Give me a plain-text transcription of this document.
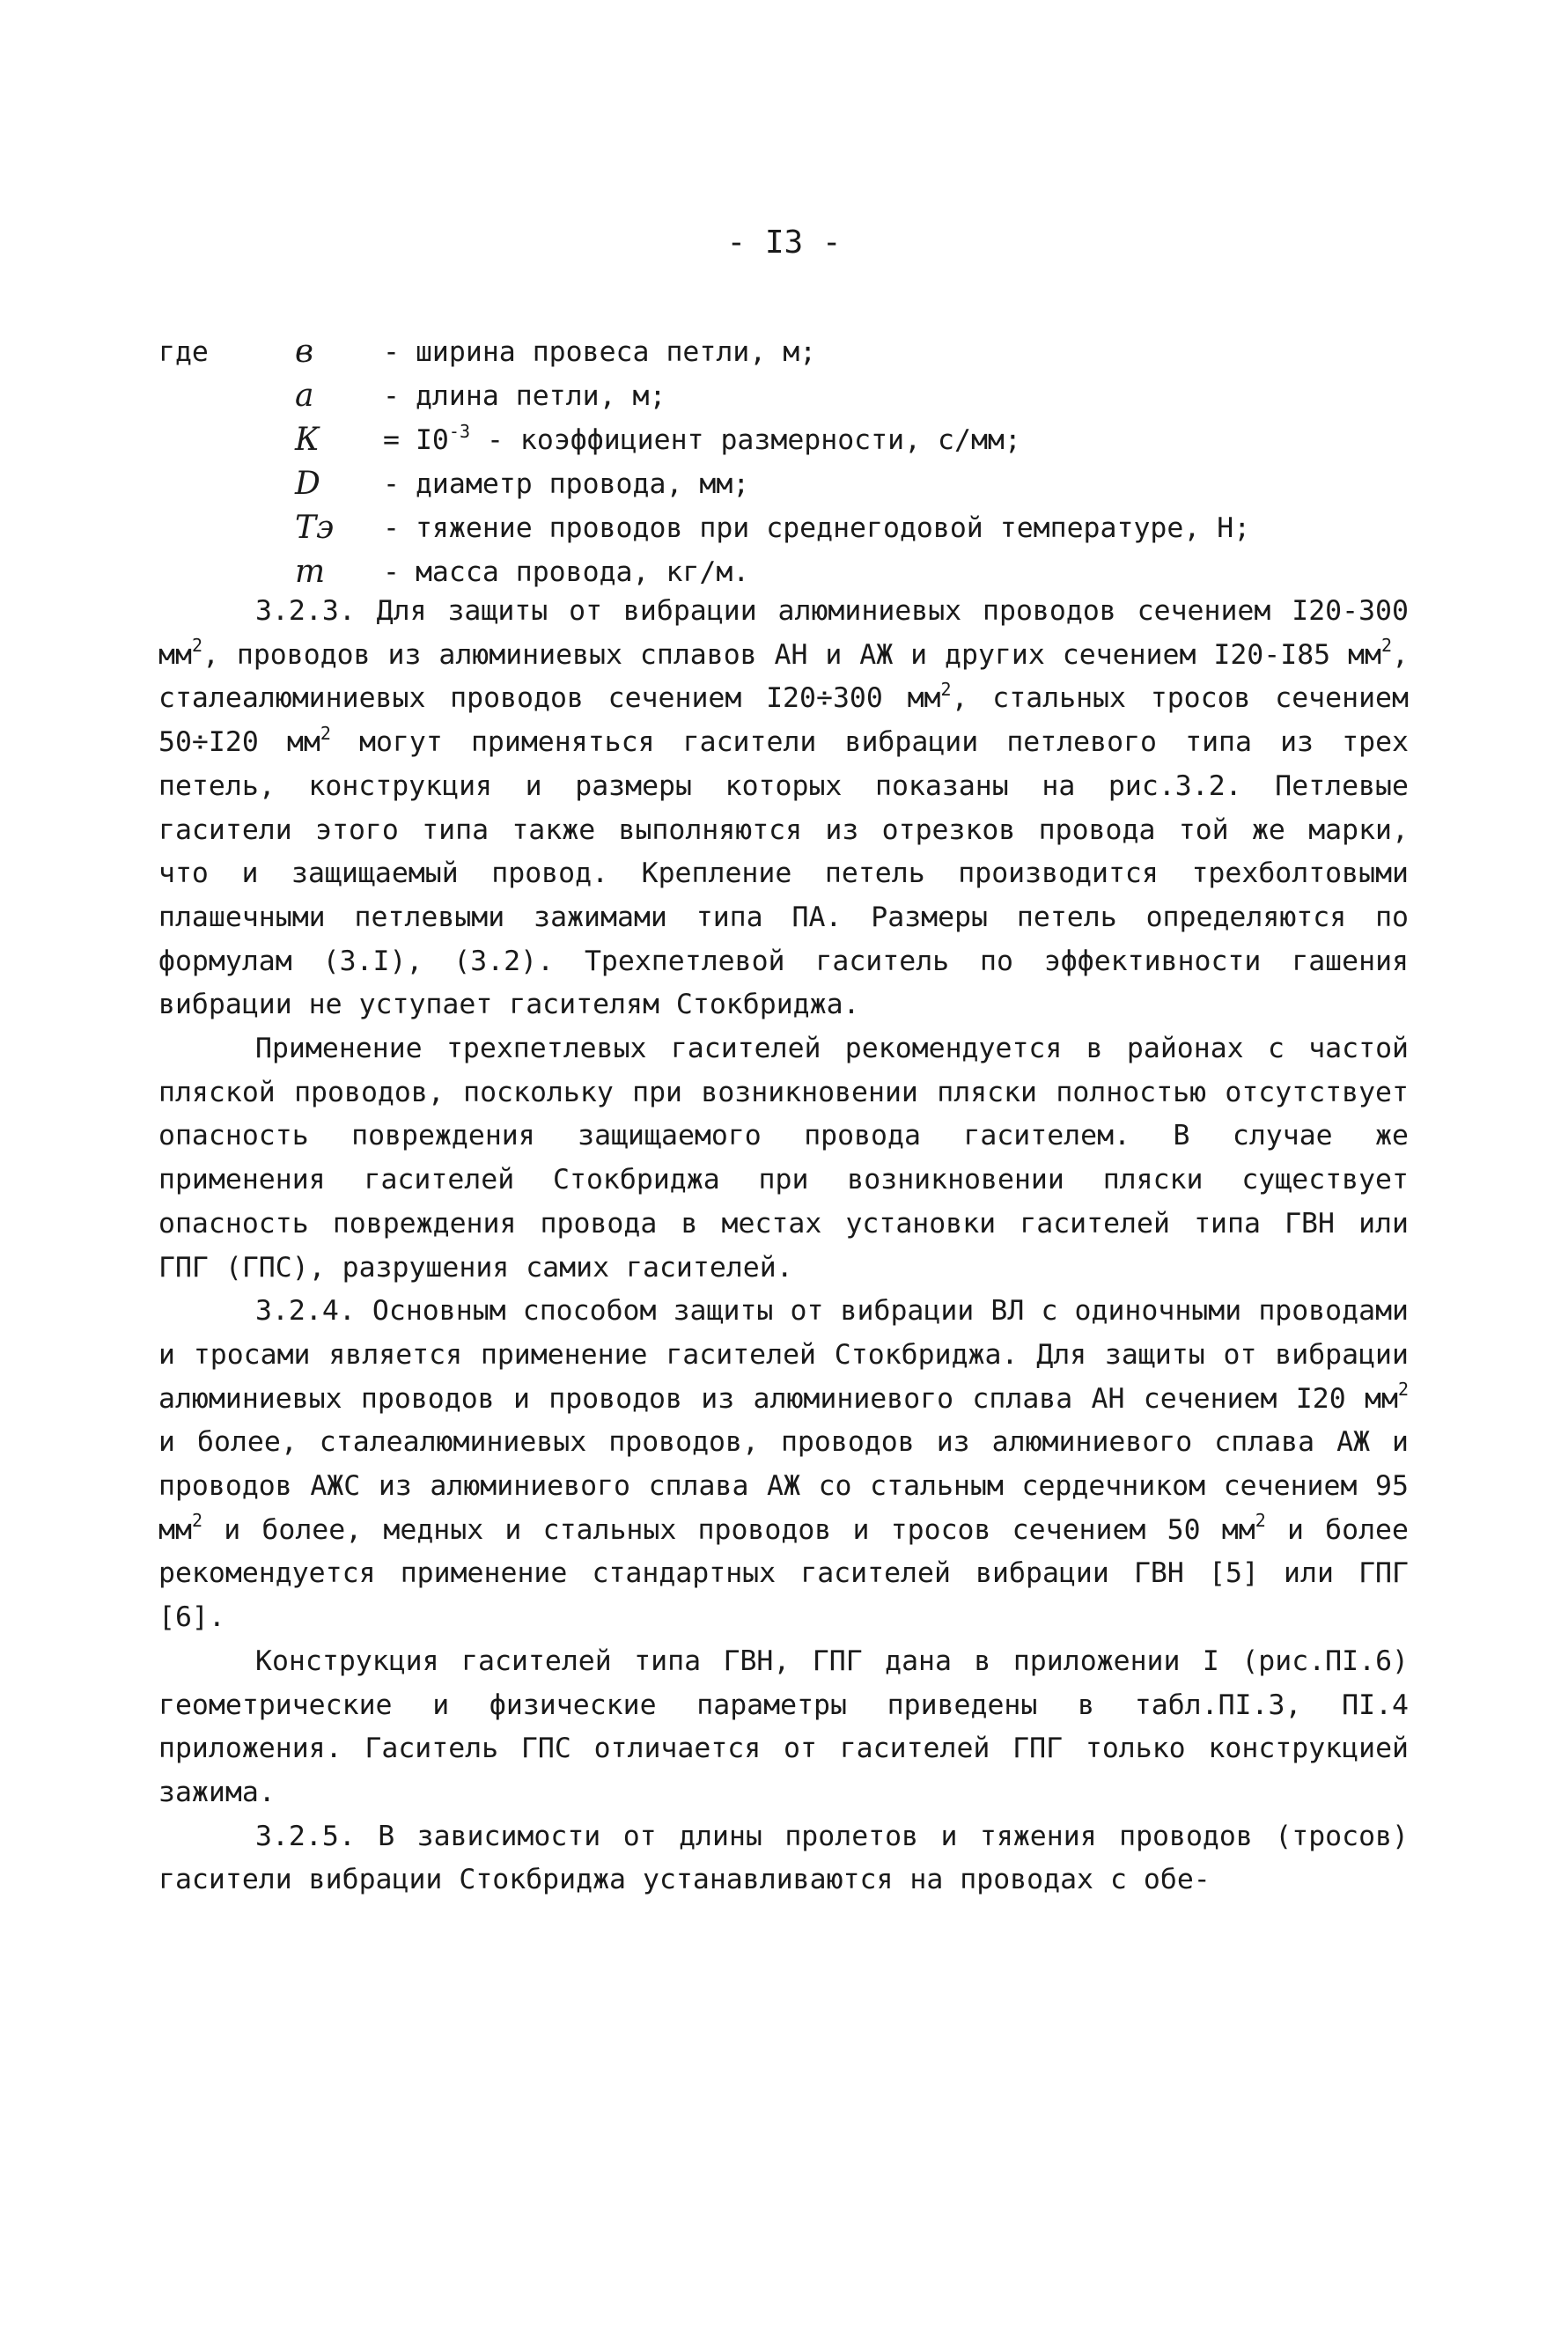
- I3 -
где	в	- ширина провеса петли, м;
а	- длина петли, м;
К	= $I0^{-3}$ - коэффициент размерности, с/мм;
D	- диаметр провода, мм;
Тэ	- тяжение проводов при среднегодовой температуре, Н;
т	- масса провода, кг/м.

3.2.3. Для защиты от вибрации алюминиевых проводов сечением I20-300 $мм^2$, проводов из алюминиевых сплавов АН и АЖ и других сечением I20-I85 $мм^2$, сталеалюминиевых проводов сечением I20÷300 $мм^2$, стальных тросов сечением 50÷I20 $мм^2$ могут применяться гасители вибрации петлевого типа из трех петель, конструкция и размеры которых показаны на рис.3.2. Петлевые гасители этого типа также выполняются из отрезков провода той же марки, что и защищаемый провод. Крепление петель производится трехболтовыми плашечными петлевыми зажимами типа ПА. Размеры петель определяются по формулам (3.I), (3.2). Трехпетлевой гаситель по эффективности гашения вибрации не уступает гасителям Стокбриджа.

Применение трехпетлевых гасителей рекомендуется в районах с частой пляской проводов, поскольку при возникновении пляски полностью отсутствует опасность повреждения защищаемого провода гасителем. В случае же применения гасителей Стокбриджа при возникновении пляски существует опасность повреждения провода в местах установки гасителей типа ГВН или ГПГ (ГПС), разрушения самих гасителей.

3.2.4. Основным способом защиты от вибрации ВЛ с одиночными проводами и тросами является применение гасителей Стокбриджа. Для защиты от вибрации алюминиевых проводов и проводов из алюминиевого сплава АН сечением I20 $мм^2$ и более, сталеалюминиевых проводов, проводов из алюминиевого сплава АЖ и проводов АЖС из алюминиевого сплава АЖ со стальным сердечником сечением 95 $мм^2$ и более, медных и стальных проводов и тросов сечением 50 $мм^2$ и более рекомендуется применение стандартных гасителей вибрации ГВН [5] или ГПГ [6].

Конструкция гасителей типа ГВН, ГПГ дана в приложении I (рис.ПI.6) геометрические и физические параметры приведены в табл.ПI.3, ПI.4 приложения. Гаситель ГПС отличается от гасителей ГПГ только конструкцией зажима.

3.2.5. В зависимости от длины пролетов и тяжения проводов (тросов) гасители вибрации Стокбриджа устанавливаются на проводах с обе-
